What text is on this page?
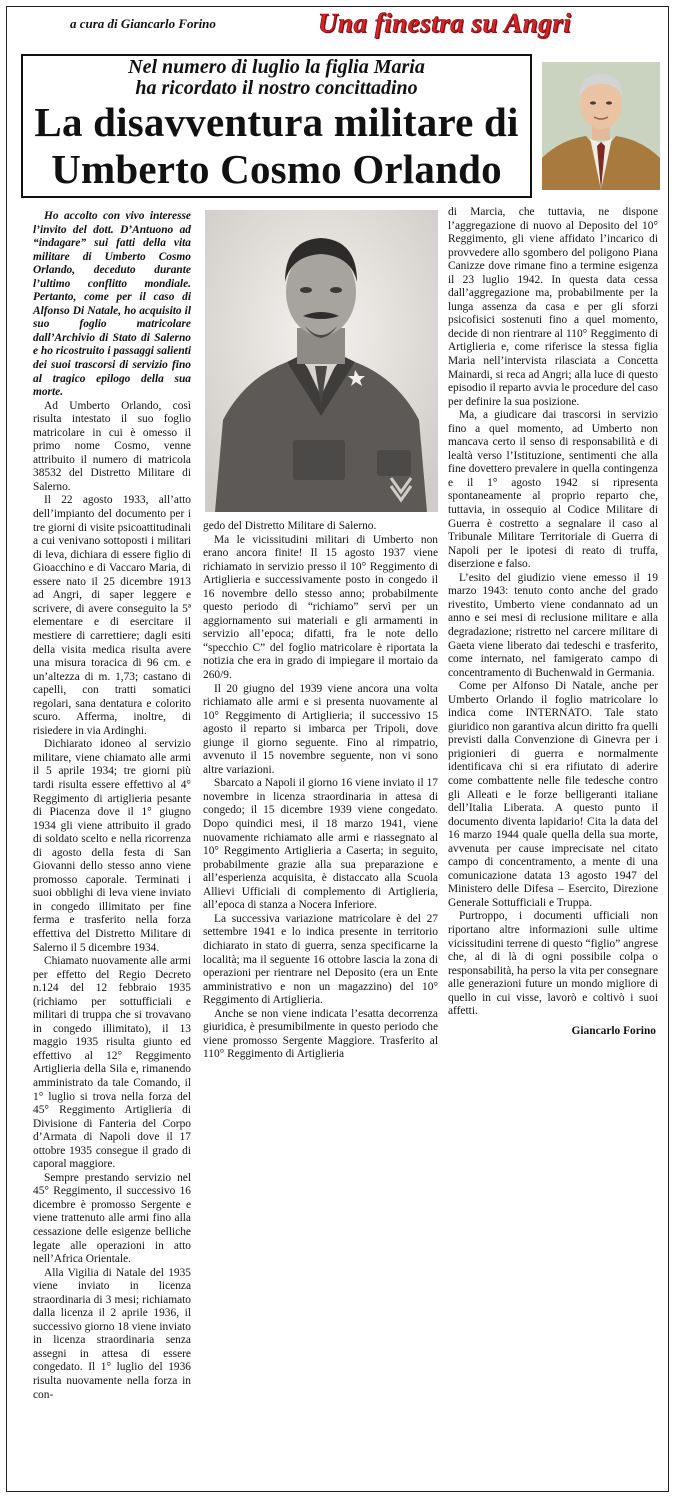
a cura di Giancarlo Forino	Una finestra su Angri
Nel numero di luglio la figlia Maria
ha ricordato il nostro concittadino
La disavventura militare di
Umberto Cosmo Orlando

Ho accolto con vivo interesse l’invito del dott. D’Antuono ad “indagare” sui fatti della vita militare di Umberto Cosmo Orlando, deceduto durante l’ultimo conflitto mondiale. Pertanto, come per il caso di Alfonso Di Natale, ho acquisito il suo foglio matricolare dall’Archivio di Stato di Salerno e ho ricostruito i passaggi salienti dei suoi trascorsi di servizio fino al tragico epilogo della sua morte.

Ad Umberto Orlando, così risulta intestato il suo foglio matricolare in cui è omesso il primo nome Cosmo, venne attribuito il numero di matricola 38532 del Distretto Militare di Salerno.

Il 22 agosto 1933, all’atto dell’impianto del documento per i tre giorni di visite psicoattitudinali a cui venivano sottoposti i militari di leva, dichiara di essere figlio di Gioacchino e di Vaccaro Maria, di essere nato il 25 dicembre 1913 ad Angri, di saper leggere e scrivere, di avere conseguito la 5ª elementare e di esercitare il mestiere di carrettiere; dagli esiti della visita medica risulta avere una misura toracica di 96 cm. e un’altezza di m. 1,73; castano di capelli, con tratti somatici regolari, sana dentatura e colorito scuro. Afferma, inoltre, di risiedere in via Ardinghi.

Dichiarato idoneo al servizio militare, viene chiamato alle armi il 5 aprile 1934; tre giorni più tardi risulta essere effettivo al 4° Reggimento di artiglieria pesante di Piacenza dove il 1° giugno 1934 gli viene attribuito il grado di soldato scelto e nella ricorrenza di agosto della festa di San Giovanni dello stesso anno viene promosso caporale. Terminati i suoi obblighi di leva viene inviato in congedo illimitato per fine ferma e trasferito nella forza effettiva del Distretto Militare di Salerno il 5 dicembre 1934.

Chiamato nuovamente alle armi per effetto del Regio Decreto n.124 del 12 febbraio 1935 (richiamo per sottufficiali e militari di truppa che si trovavano in congedo illimitato), il 13 maggio 1935 risulta giunto ed effettivo al 12° Reggimento Artiglieria della Sila e, rimanendo amministrato da tale Comando, il 1° luglio si trova nella forza del 45° Reggimento Artiglieria di Divisione di Fanteria del Corpo d’Armata di Napoli dove il 17 ottobre 1935 consegue il grado di caporal maggiore.

Sempre prestando servizio nel 45° Reggimento, il successivo 16 dicembre è promosso Sergente e viene trattenuto alle armi fino alla cessazione delle esigenze belliche legate alle operazioni in atto nell’Africa Orientale.

Alla Vigilia di Natale del 1935 viene inviato in licenza straordinaria di 3 mesi; richiamato dalla licenza il 2 aprile 1936, il successivo giorno 18 viene inviato in licenza straordinaria senza assegni in attesa di essere congedato. Il 1° luglio del 1936 risulta nuovamente nella forza in con-

gedo del Distretto Militare di Salerno.

Ma le vicissitudini militari di Umberto non erano ancora finite! Il 15 agosto 1937 viene richiamato in servizio presso il 10° Reggimento di Artiglieria e successivamente posto in congedo il 16 novembre dello stesso anno; probabilmente questo periodo di “richiamo” servì per un aggiornamento sui materiali e gli armamenti in servizio all’epoca; difatti, fra le note dello “specchio C” del foglio matricolare è riportata la notizia che era in grado di impiegare il mortaio da 260/9.

Il 20 giugno del 1939 viene ancora una volta richiamato alle armi e si presenta nuovamente al 10° Reggimento di Artiglieria; il successivo 15 agosto il reparto si imbarca per Tripoli, dove giunge il giorno seguente. Fino al rimpatrio, avvenuto il 15 novembre seguente, non vi sono altre variazioni.

Sbarcato a Napoli il giorno 16 viene inviato il 17 novembre in licenza straordinaria in attesa di congedo; il 15 dicembre 1939 viene congedato. Dopo quindici mesi, il 18 marzo 1941, viene nuovamente richiamato alle armi e riassegnato al 10° Reggimento Artiglieria a Caserta; in seguito, probabilmente grazie alla sua preparazione e all’esperienza acquisita, è distaccato alla Scuola Allievi Ufficiali di complemento di Artiglieria, all’epoca di stanza a Nocera Inferiore.

La successiva variazione matricolare è del 27 settembre 1941 e lo indica presente in territorio dichiarato in stato di guerra, senza specificarne la località; ma il seguente 16 ottobre lascia la zona di operazioni per rientrare nel Deposito (era un Ente amministrativo e non un magazzino) del 10° Reggimento di Artiglieria.

Anche se non viene indicata l’esatta decorrenza giuridica, è presumibilmente in questo periodo che viene promosso Sergente Maggiore. Trasferito al 110° Reggimento di Artiglieria

di Marcia, che tuttavia, ne dispone l’aggregazione di nuovo al Deposito del 10° Reggimento, gli viene affidato l’incarico di provvedere allo sgombero del poligono Piana Canizze dove rimane fino a termine esigenza il 23 luglio 1942. In questa data cessa dall’aggregazione ma, probabilmente per la lunga assenza da casa e per gli sforzi psicofisici sostenuti fino a quel momento, decide di non rientrare al 110° Reggimento di Artiglieria e, come riferisce la stessa figlia Maria nell’intervista rilasciata a Concetta Mainardi, si reca ad Angri; alla luce di questo episodio il reparto avvia le procedure del caso per definire la sua posizione.

Ma, a giudicare dai trascorsi in servizio fino a quel momento, ad Umberto non mancava certo il senso di responsabilità e di lealtà verso l’Istituzione, sentimenti che alla fine dovettero prevalere in quella contingenza e il 1° agosto 1942 si ripresenta spontaneamente al proprio reparto che, tuttavia, in ossequio al Codice Militare di Guerra è costretto a segnalare il caso al Tribunale Militare Territoriale di Guerra di Napoli per le ipotesi di reato di truffa, diserzione e falso.

L’esito del giudizio viene emesso il 19 marzo 1943: tenuto conto anche del grado rivestito, Umberto viene condannato ad un anno e sei mesi di reclusione militare e alla degradazione; ristretto nel carcere militare di Gaeta viene liberato dai tedeschi e trasferito, come internato, nel famigerato campo di concentramento di Buchenwald in Germania.

Come per Alfonso Di Natale, anche per Umberto Orlando il foglio matricolare lo indica come INTERNATO. Tale stato giuridico non garantiva alcun diritto fra quelli previsti dalla Convenzione di Ginevra per i prigionieri di guerra e normalmente identificava chi si era rifiutato di aderire come combattente nelle file tedesche contro gli Alleati e le forze belligeranti italiane dell’Italia Liberata. A questo punto il documento diventa lapidario! Cita la data del 16 marzo 1944 quale quella della sua morte, avvenuta per cause imprecisate nel citato campo di concentramento, a mente di una comunicazione datata 13 agosto 1947 del Ministero delle Difesa – Esercito, Direzione Generale Sottufficiali e Truppa.

Purtroppo, i documenti ufficiali non riportano altre informazioni sulle ultime vicissitudini terrene di questo “figlio” angrese che, al di là di ogni possibile colpa o responsabilità, ha perso la vita per consegnare alle generazioni future un mondo migliore di quello in cui visse, lavorò e coltivò i suoi affetti.

Giancarlo Forino
